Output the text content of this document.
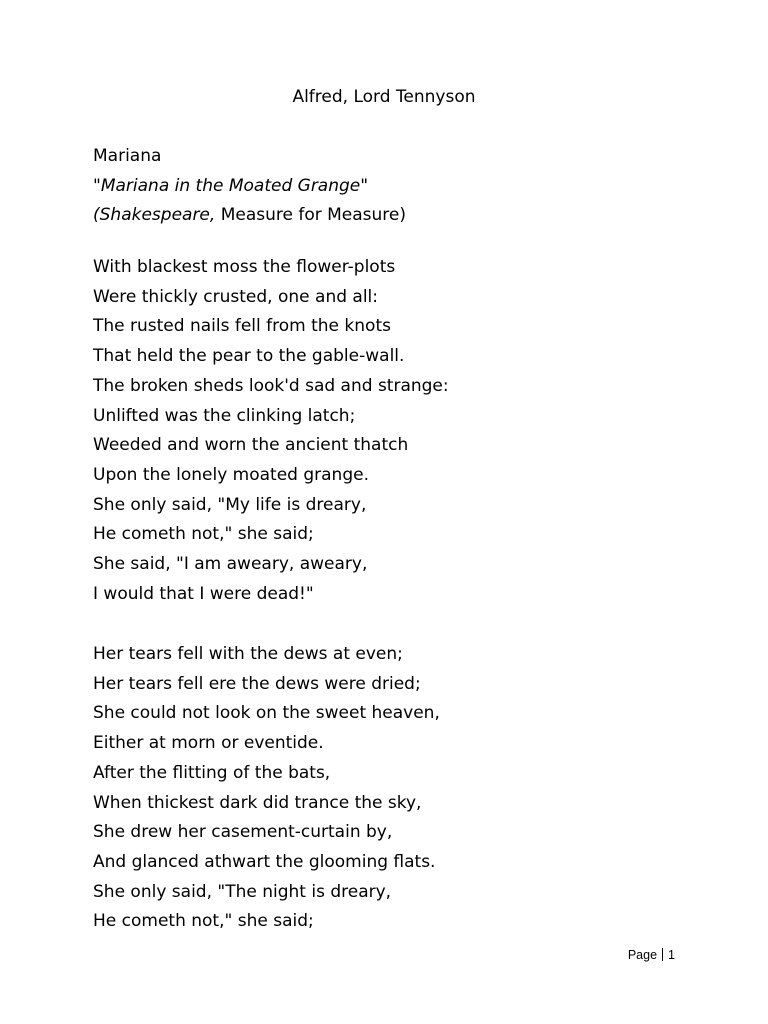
Alfred, Lord Tennyson
Mariana
"Mariana in the Moated Grange"
(Shakespeare, Measure for Measure)
With blackest moss the flower-plots
Were thickly crusted, one and all:
The rusted nails fell from the knots
That held the pear to the gable-wall.
The broken sheds look'd sad and strange:
Unlifted was the clinking latch;
Weeded and worn the ancient thatch
Upon the lonely moated grange.
She only said, "My life is dreary,
He cometh not," she said;
She said, "I am aweary, aweary,
I would that I were dead!"
Her tears fell with the dews at even;
Her tears fell ere the dews were dried;
She could not look on the sweet heaven,
Either at morn or eventide.
After the flitting of the bats,
When thickest dark did trance the sky,
She drew her casement-curtain by,
And glanced athwart the glooming flats.
She only said, "The night is dreary,
He cometh not," she said;
Page 1
